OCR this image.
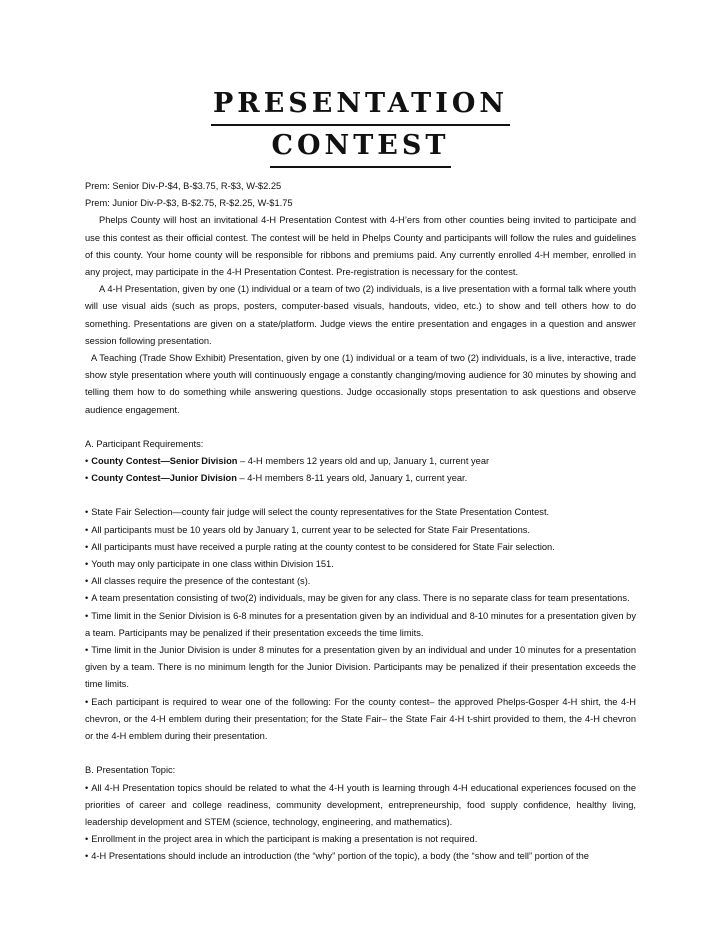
PRESENTATION
CONTEST

Prem: Senior Div-P-$4, B-$3.75, R-$3, W-$2.25

Prem: Junior Div-P-$3, B-$2.75, R-$2.25, W-$1.75

Phelps County will host an invitational 4-H Presentation Contest with 4-H’ers from other counties being invited to participate and use this contest as their official contest. The contest will be held in Phelps County and participants will follow the rules and guidelines of this county. Your home county will be responsible for ribbons and premiums paid. Any currently enrolled 4-H member, enrolled in any project, may participate in the 4-H Presentation Contest. Pre-registration is necessary for the contest.

A 4-H Presentation, given by one (1) individual or a team of two (2) individuals, is a live presentation with a formal talk where youth will use visual aids (such as props, posters, computer-based visuals, handouts, video, etc.) to show and tell others how to do something. Presentations are given on a state/platform. Judge views the entire presentation and engages in a question and answer session following presentation.

A Teaching (Trade Show Exhibit) Presentation, given by one (1) individual or a team of two (2) individuals, is a live, interactive, trade show style presentation where youth will continuously engage a constantly changing/moving audience for 30 minutes by showing and telling them how to do something while answering questions. Judge occasionally stops presentation to ask questions and observe audience engagement.

A. Participant Requirements:

• County Contest—Senior Division – 4-H members 12 years old and up, January 1, current year

• County Contest—Junior Division – 4-H members 8-11 years old, January 1, current year.

• State Fair Selection—county fair judge will select the county representatives for the State Presentation Contest.

• All participants must be 10 years old by January 1, current year to be selected for State Fair Presentations.

• All participants must have received a purple rating at the county contest to be considered for State Fair selection.

• Youth may only participate in one class within Division 151.

• All classes require the presence of the contestant (s).

• A team presentation consisting of two(2) individuals, may be given for any class. There is no separate class for team presentations.

• Time limit in the Senior Division is 6-8 minutes for a presentation given by an individual and 8-10 minutes for a presentation given by a team. Participants may be penalized if their presentation exceeds the time limits.

• Time limit in the Junior Division is under 8 minutes for a presentation given by an individual and under 10 minutes for a presentation given by a team. There is no minimum length for the Junior Division. Participants may be penalized if their presentation exceeds the time limits.

• Each participant is required to wear one of the following: For the county contest– the approved Phelps-Gosper 4-H shirt, the 4-H chevron, or the 4-H emblem during their presentation; for the State Fair– the State Fair 4-H t-shirt provided to them, the 4-H chevron or the 4-H emblem during their presentation.

B. Presentation Topic:

• All 4-H Presentation topics should be related to what the 4-H youth is learning through 4-H educational experiences focused on the priorities of career and college readiness, community development, entrepreneurship, food supply confidence, healthy living, leadership development and STEM (science, technology, engineering, and mathematics).

• Enrollment in the project area in which the participant is making a presentation is not required.

• 4-H Presentations should include an introduction (the “why” portion of the topic), a body (the “show and tell” portion of the
